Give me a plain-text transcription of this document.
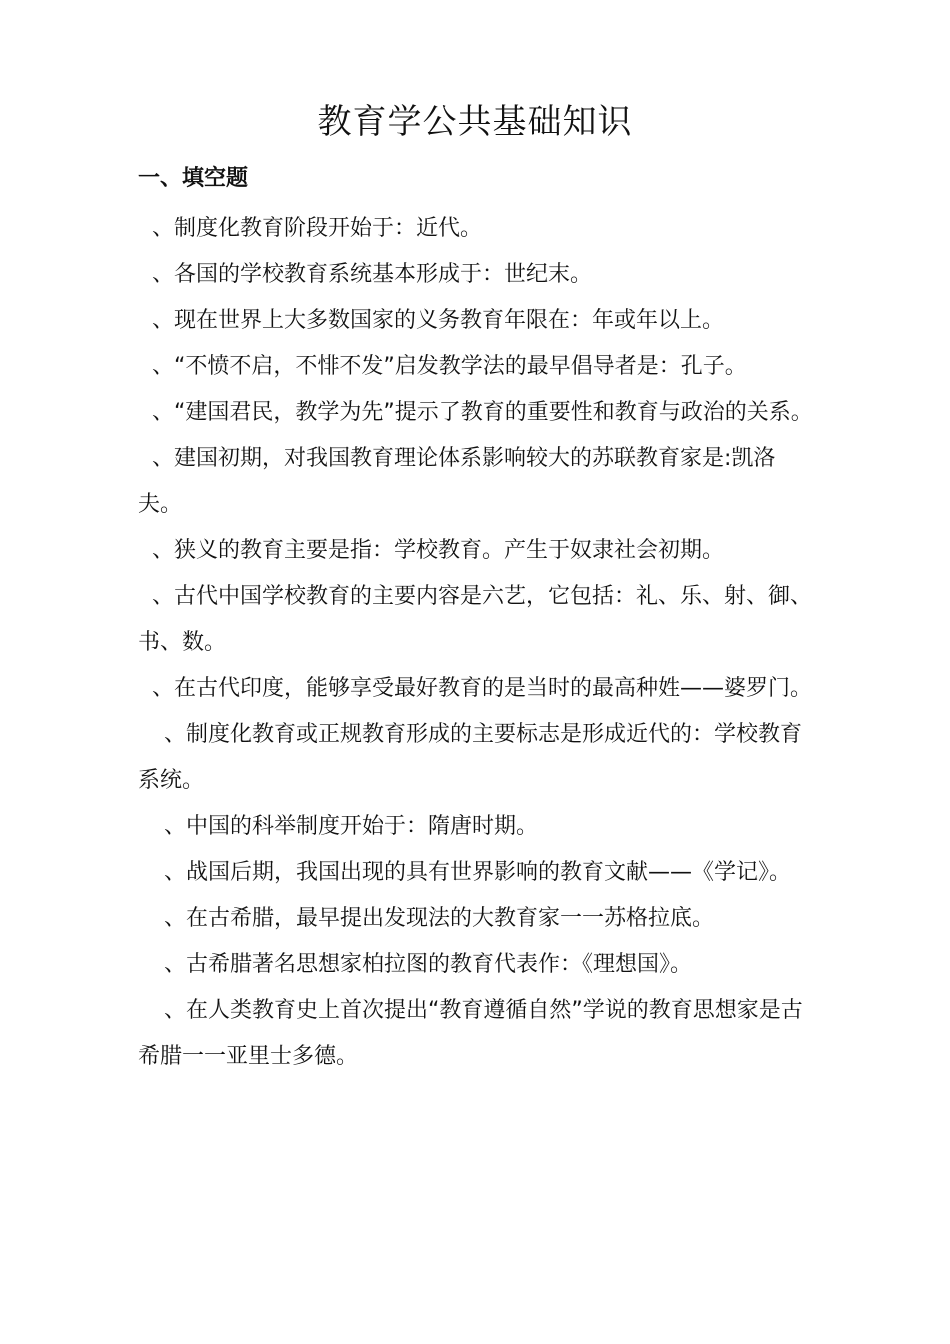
教育学公共基础知识
一、填空题
、制度化教育阶段开始于：近代。
、各国的学校教育系统基本形成于：世纪末。
、现在世界上大多数国家的义务教育年限在：年或年以上。
、“不愤不启，不悱不发”启发教学法的最早倡导者是：孔子。
、“建国君民，教学为先”提示了教育的重要性和教育与政治的关系。
、建国初期，对我国教育理论体系影响较大的苏联教育家是:凯洛夫。
、狭义的教育主要是指：学校教育。产生于奴隶社会初期。
、古代中国学校教育的主要内容是六艺，它包括：礼、乐、射、御、书、数。
、在古代印度，能够享受最好教育的是当时的最高种姓——婆罗门。
、制度化教育或正规教育形成的主要标志是形成近代的：学校教育系统。
、中国的科举制度开始于：隋唐时期。
、战国后期，我国出现的具有世界影响的教育文献——《学记》。
、在古希腊，最早提出发现法的大教育家一一苏格拉底。
、古希腊著名思想家柏拉图的教育代表作：《理想国》。
、在人类教育史上首次提出“教育遵循自然”学说的教育思想家是古希腊一一亚里士多德。
